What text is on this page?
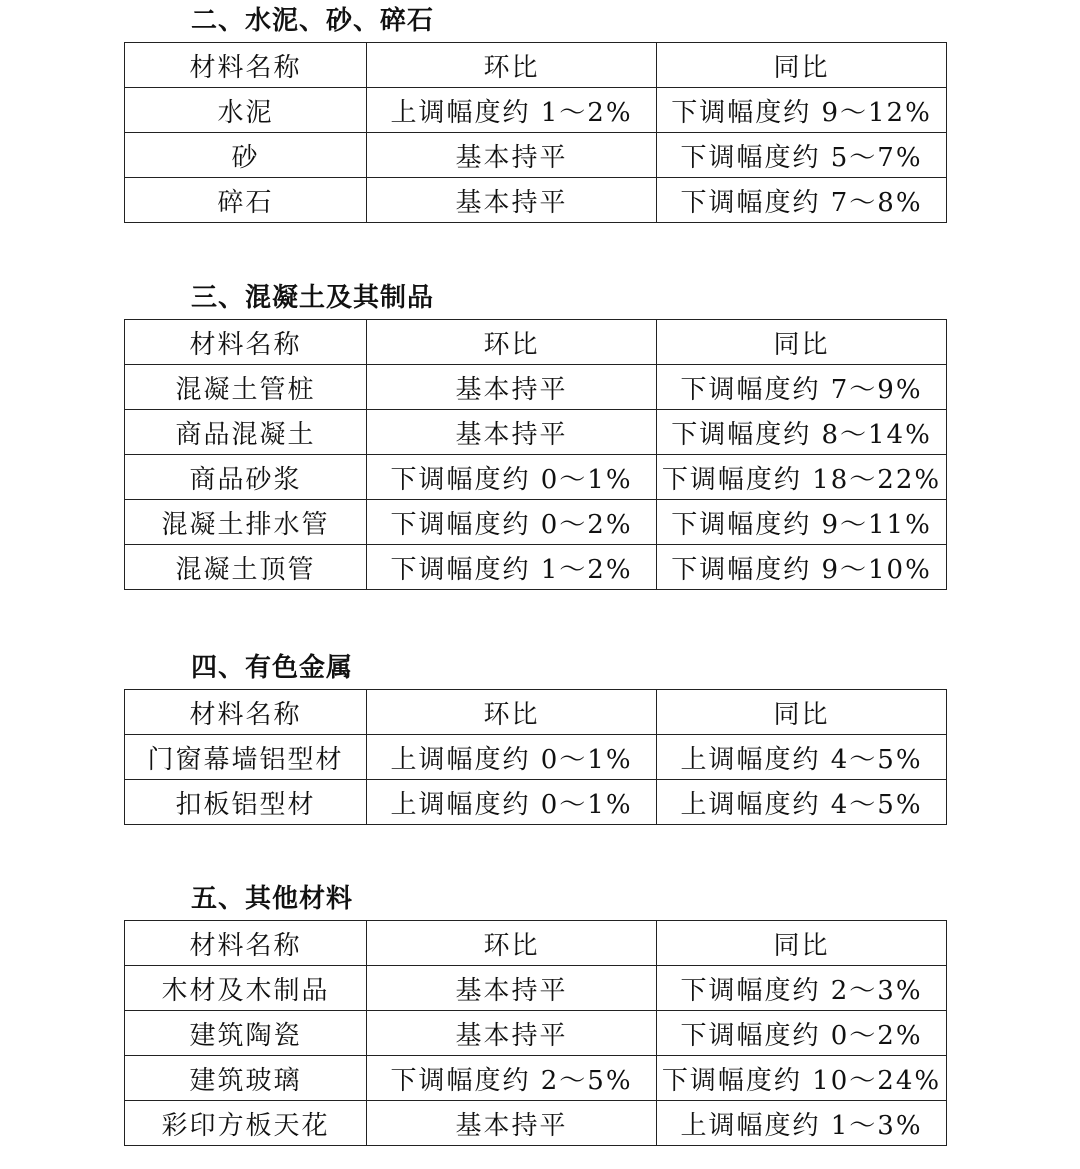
二、水泥、砂、碎石
材料名称	环比	同比
水泥	上调幅度约 1～2%	下调幅度约 9～12%
砂	基本持平	下调幅度约 5～7%
碎石	基本持平	下调幅度约 7～8%
三、混凝土及其制品
材料名称	环比	同比
混凝土管桩	基本持平	下调幅度约 7～9%
商品混凝土	基本持平	下调幅度约 8～14%
商品砂浆	下调幅度约 0～1%	下调幅度约 18～22%
混凝土排水管	下调幅度约 0～2%	下调幅度约 9～11%
混凝土顶管	下调幅度约 1～2%	下调幅度约 9～10%
四、有色金属
材料名称	环比	同比
门窗幕墙铝型材	上调幅度约 0～1%	上调幅度约 4～5%
扣板铝型材	上调幅度约 0～1%	上调幅度约 4～5%
五、其他材料
材料名称	环比	同比
木材及木制品	基本持平	下调幅度约 2～3%
建筑陶瓷	基本持平	下调幅度约 0～2%
建筑玻璃	下调幅度约 2～5%	下调幅度约 10～24%
彩印方板天花	基本持平	上调幅度约 1～3%
